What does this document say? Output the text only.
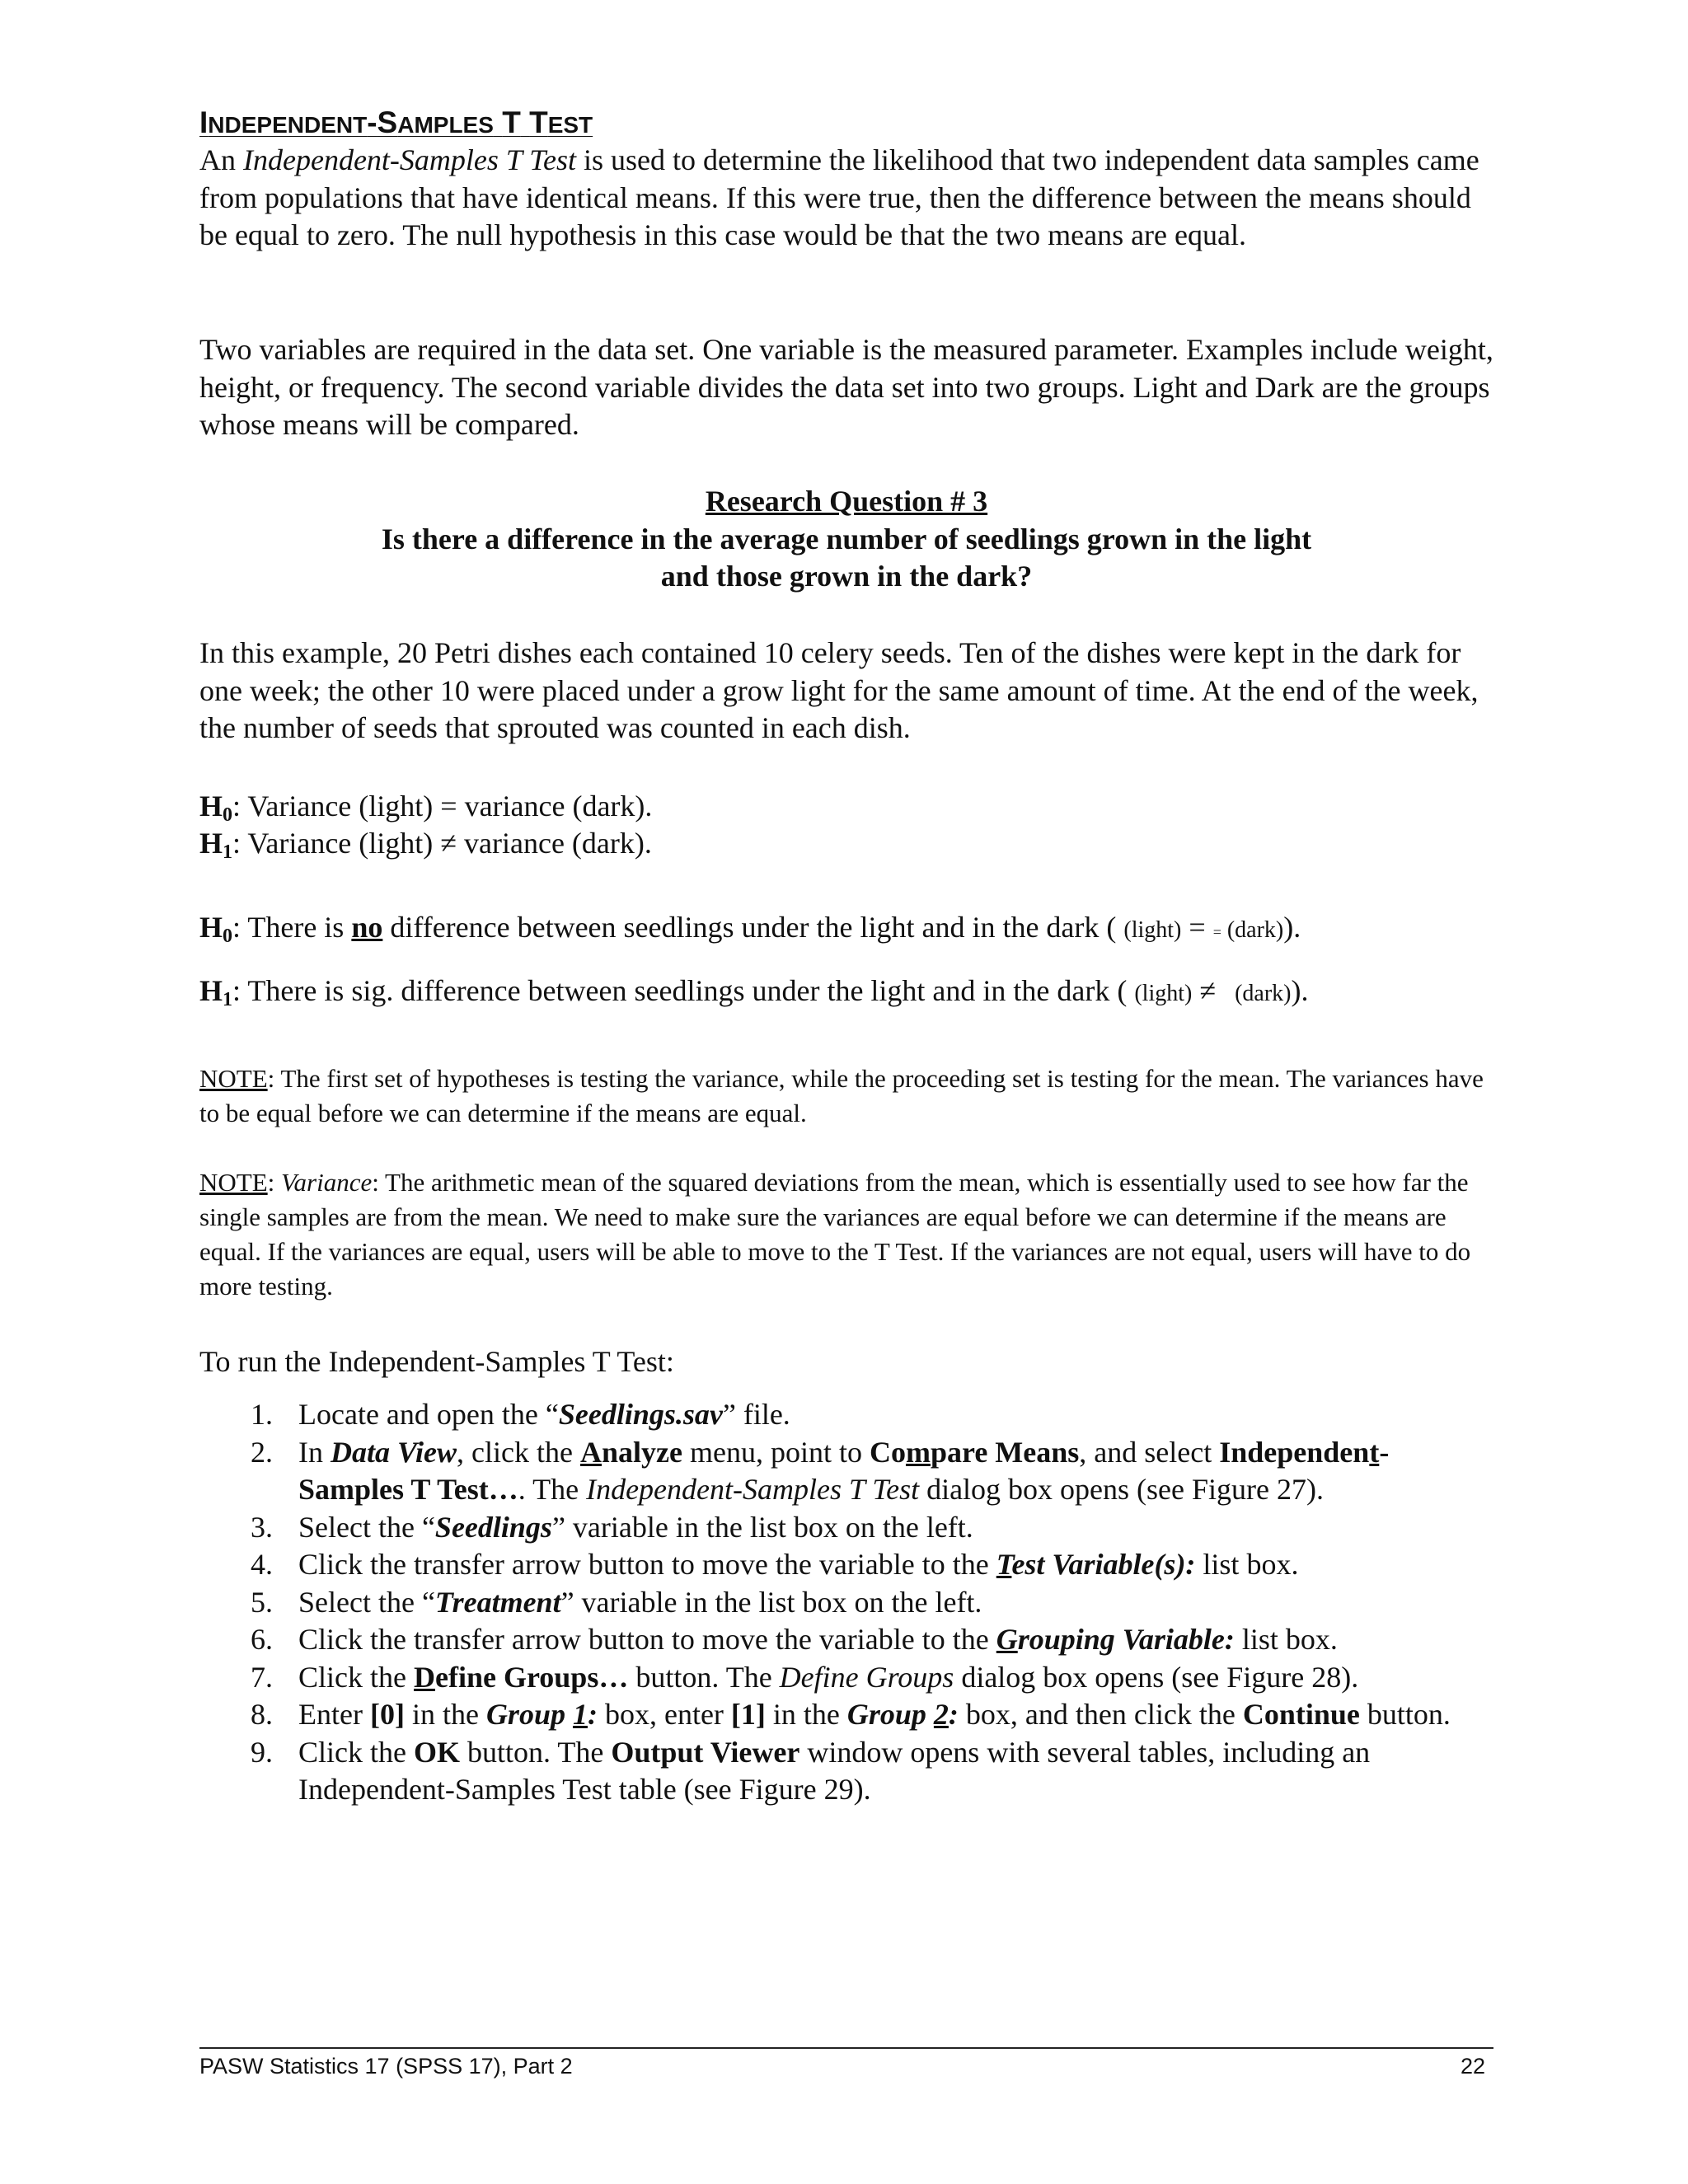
INDEPENDENT-SAMPLES T TEST

An Independent-Samples T Test is used to determine the likelihood that two independent data samples came from populations that have identical means. If this were true, then the difference between the means should be equal to zero. The null hypothesis in this case would be that the two means are equal.

Two variables are required in the data set. One variable is the measured parameter. Examples include weight, height, or frequency. The second variable divides the data set into two groups. Light and Dark are the groups whose means will be compared.

Research Question # 3
Is there a difference in the average number of seedlings grown in the light
and those grown in the dark?

In this example, 20 Petri dishes each contained 10 celery seeds. Ten of the dishes were kept in the dark for one week; the other 10 were placed under a grow light for the same amount of time. At the end of the week, the number of seeds that sprouted was counted in each dish.

$H_0$: Variance (light) = variance (dark).
$H_1$: Variance (light) ≠ variance (dark).
$H_0$: There is no difference between seedlings under the light and in the dark ( (light) = = (dark)).
$H_1$: There is sig. difference between seedlings under the light and in the dark ( (light) ≠   (dark)).

NOTE: The first set of hypotheses is testing the variance, while the proceeding set is testing for the mean. The variances have to be equal before we can determine if the means are equal.

NOTE: Variance: The arithmetic mean of the squared deviations from the mean, which is essentially used to see how far the single samples are from the mean. We need to make sure the variances are equal before we can determine if the means are equal. If the variances are equal, users will be able to move to the T Test. If the variances are not equal, users will have to do more testing.

To run the Independent-Samples T Test:

1. Locate and open the “Seedlings.sav” file.
2. In Data View, click the Analyze menu, point to Compare Means, and select Independent-Samples T Test…. The Independent-Samples T Test dialog box opens (see Figure 27).
3. Select the “Seedlings” variable in the list box on the left.
4. Click the transfer arrow button to move the variable to the Test Variable(s): list box.
5. Select the “Treatment” variable in the list box on the left.
6. Click the transfer arrow button to move the variable to the Grouping Variable: list box.
7. Click the Define Groups… button. The Define Groups dialog box opens (see Figure 28).
8. Enter [0] in the Group 1: box, enter [1] in the Group 2: box, and then click the Continue button.
9. Click the OK button. The Output Viewer window opens with several tables, including an Independent-Samples Test table (see Figure 29).
PASW Statistics 17 (SPSS 17), Part 2	22
